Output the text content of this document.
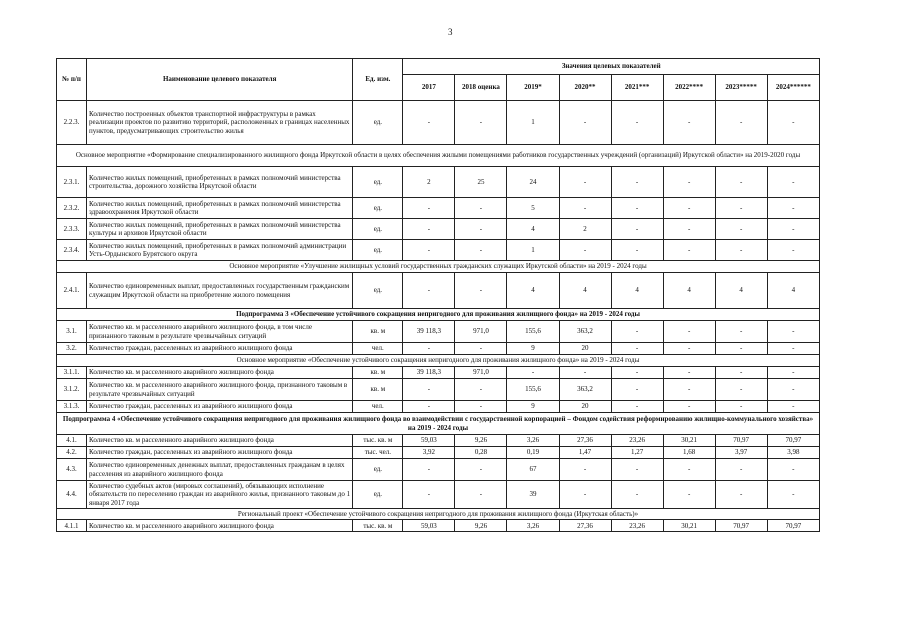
3
№ п/п	Наименование целевого показателя	Ед. изм.	Значения целевых показателей							
			2017	2018 оценка	2019*	2020**	2021***	2022****	2023*****	2024******
2.2.3.	Количество построенных объектов транспортной инфраструктуры в рамках реализации проектов по развитию территорий, расположенных в границах населенных пунктов, предусматривающих строительство жилья	ед.	-	-	1	-	-	-	-	-
Основное мероприятие «Формирование специализированного жилищного фонда Иркутской области в целях обеспечения жилыми помещениями работников государственных учреждений (организаций) Иркутской области» на 2019-2020 годы										
2.3.1.	Количество жилых помещений, приобретенных в рамках полномочий министерства строительства, дорожного хозяйства Иркутской области	ед.	2	25	24	-	-	-	-	-
2.3.2.	Количество жилых помещений, приобретенных в рамках полномочий министерства здравоохранения Иркутской области	ед.	-	-	5	-	-	-	-	-
2.3.3.	Количество жилых помещений, приобретенных в рамках полномочий министерства культуры и архивов Иркутской области	ед.	-	-	4	2	-	-	-	-
2.3.4.	Количество жилых помещений, приобретенных в рамках полномочий администрации Усть-Ордынского Бурятского округа	ед.	-	-	1	-	-	-	-	-
Основное мероприятие «Улучшение жилищных условий государственных гражданских служащих Иркутской области» на 2019 - 2024 годы										
2.4.1.	Количество единовременных выплат, предоставленных государственным гражданским служащим Иркутской области на приобретение жилого помещения	ед.	-	-	4	4	4	4	4	4
Подпрограмма 3 «Обеспечение устойчивого сокращения непригодного для проживания жилищного фонда» на 2019 - 2024 годы										
3.1.	Количество кв. м расселенного аварийного жилищного фонда, в том числе признанного таковым в результате чрезвычайных ситуаций	кв. м	39 118,3	971,0	155,6	363,2	-	-	-	-
3.2.	Количество граждан, расселенных из аварийного жилищного фонда	чел.	-	-	9	20	-	-	-	-
Основное мероприятие «Обеспечение устойчивого сокращения непригодного для проживания жилищного фонда» на 2019 - 2024 годы										
3.1.1.	Количество кв. м расселенного аварийного жилищного фонда	кв. м	39 118,3	971,0	-	-	-	-	-	-
3.1.2.	Количество кв. м расселенного аварийного жилищного фонда, признанного таковым в результате чрезвычайных ситуаций	кв. м	-	-	155,6	363,2	-	-	-	-
3.1.3.	Количество граждан, расселенных из аварийного жилищного фонда	чел.	-	-	9	20	-	-	-	-
Подпрограмма 4 «Обеспечение устойчивого сокращения непригодного для проживания жилищного фонда во взаимодействии с государственной корпорацией – Фондом содействия реформированию жилищно-коммунального хозяйства» на 2019 - 2024 годы										
4.1.	Количество кв. м расселенного аварийного жилищного фонда	тыс. кв. м	59,03	9,26	3,26	27,36	23,26	30,21	70,97	70,97
4.2.	Количество граждан, расселенных из аварийного жилищного фонда	тыс. чел.	3,92	0,28	0,19	1,47	1,27	1,68	3,97	3,98
4.3.	Количество единовременных денежных выплат, предоставленных гражданам в целях расселения из аварийного жилищного фонда	ед.	-	-	67	-	-	-	-	-
4.4.	Количество судебных актов (мировых соглашений), обязывающих исполнение обязательств по переселению граждан из аварийного жилья, признанного таковым до 1 января 2017 года	ед.	-	-	39	-	-	-	-	-
Региональный проект «Обеспечение устойчивого сокращения непригодного для проживания жилищного фонда (Иркутская область)»										
4.1.1	Количество кв. м расселенного аварийного жилищного фонда	тыс. кв. м	59,03	9,26	3,26	27,36	23,26	30,21	70,97	70,97
